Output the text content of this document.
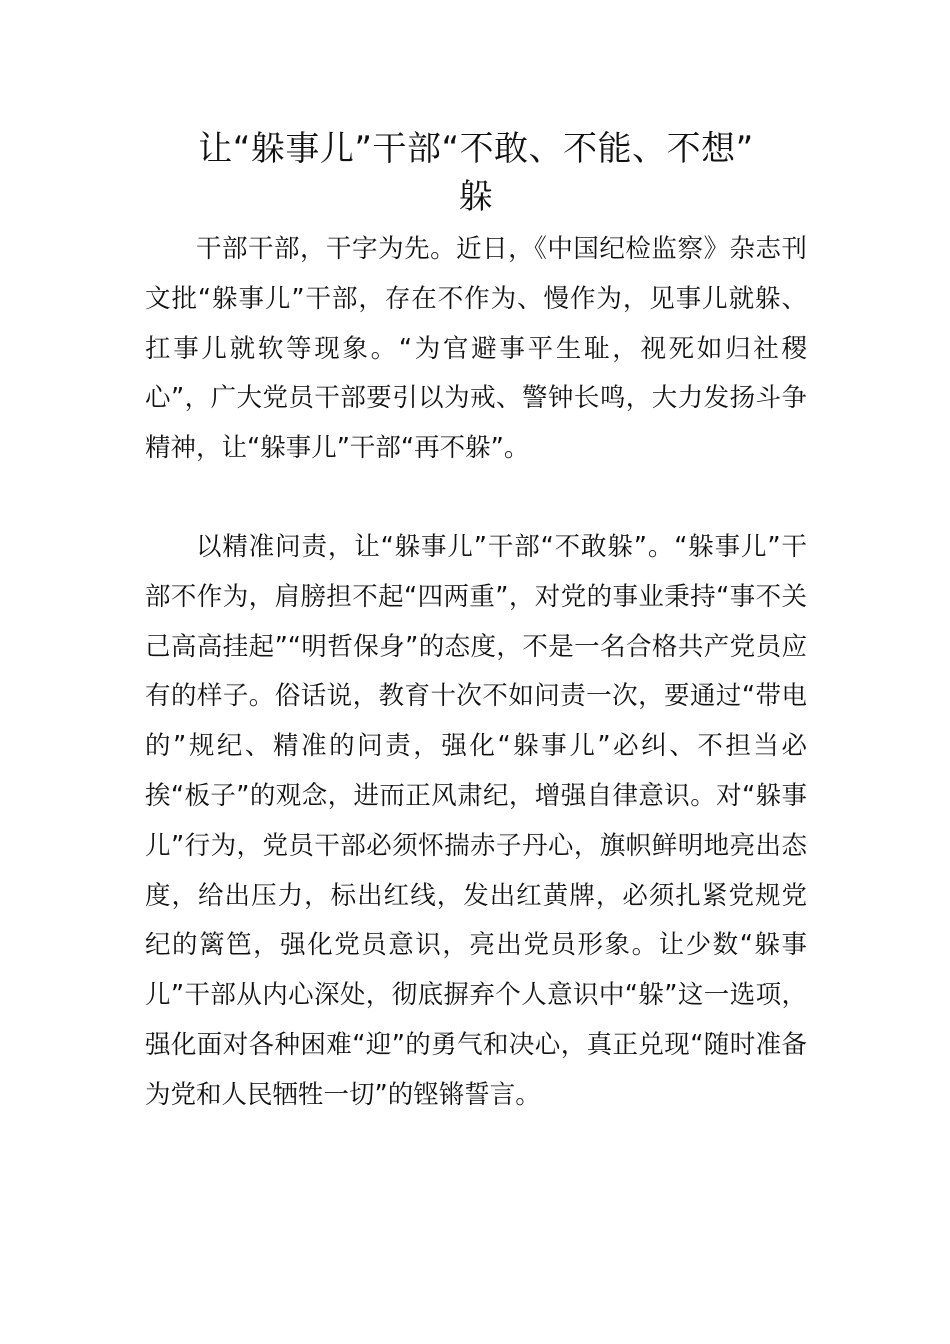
让“躲事儿”干部“不敢、不能、不想”
躲

干部干部，干字为先。近日，《中国纪检监察》杂志刊文批“躲事儿”干部，存在不作为、慢作为，见事儿就躲、扛事儿就软等现象。“为官避事平生耻，视死如归社稷心”，广大党员干部要引以为戒、警钟长鸣，大力发扬斗争精神，让“躲事儿”干部“再不躲”。

以精准问责，让“躲事儿”干部“不敢躲”。“躲事儿”干部不作为，肩膀担不起“四两重”，对党的事业秉持“事不关己高高挂起”“明哲保身”的态度，不是一名合格共产党员应有的样子。俗话说，教育十次不如问责一次，要通过“带电的”规纪、精准的问责，强化“躲事儿”必纠、不担当必挨“板子”的观念，进而正风肃纪，增强自律意识。对“躲事儿”行为，党员干部必须怀揣赤子丹心，旗帜鲜明地亮出态度，给出压力，标出红线，发出红黄牌，必须扎紧党规党纪的篱笆，强化党员意识，亮出党员形象。让少数“躲事儿”干部从内心深处，彻底摒弃个人意识中“躲”这一选项，强化面对各种困难“迎”的勇气和决心，真正兑现“随时准备为党和人民牺牲一切”的铿锵誓言。
